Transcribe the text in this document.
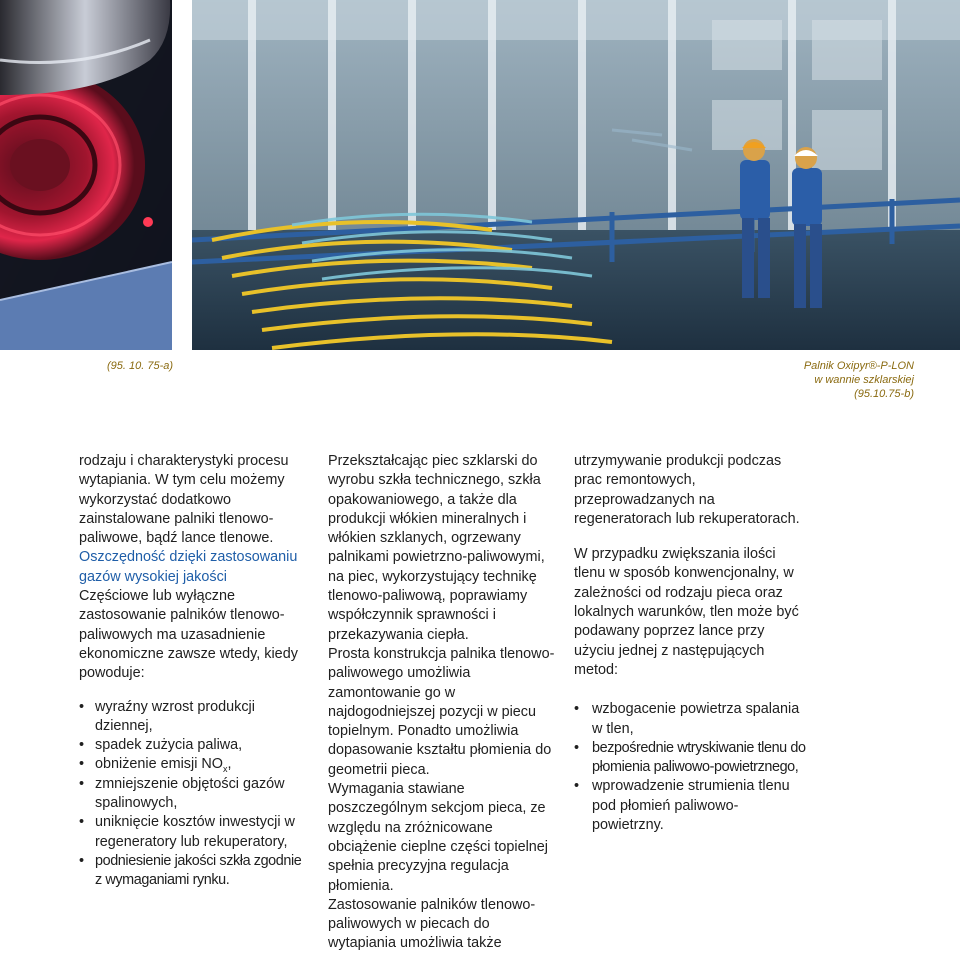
(95. 10. 75-a)	Palnik Oxipyr®-P-LON
w wannie szklarskiej
(95.10.75-b)

rodzaju i charakterystyki procesu wytapiania. W tym celu możemy wykorzystać dodatkowo zainstalowane palniki tlenowo-paliwowe, bądź lance tlenowe.

Oszczędność dzięki zastosowaniu gazów wysokiej jakości

Częściowe lub wyłączne zastosowanie palników tlenowo-paliwowych ma uzasadnienie ekonomiczne zawsze wtedy, kiedy powoduje:

• wyraźny wzrost produkcji dziennej,
• spadek zużycia paliwa,
• obniżenie emisji $NO_x$,
• zmniejszenie objętości gazów spalinowych,
• uniknięcie kosztów inwestycji w regeneratory lub rekuperatory,
• podniesienie jakości szkła zgodnie z wymaganiami rynku.

Przekształcając piec szklarski do wyrobu szkła technicznego, szkła opakowaniowego, a także dla produkcji włókien mineralnych i włókien szklanych, ogrzewany palnikami powietrzno-paliwowymi, na piec, wykorzystujący technikę tlenowo-paliwową, poprawiamy współczynnik sprawności i przekazywania ciepła.

Prosta konstrukcja palnika tlenowo-paliwowego umożliwia zamontowanie go w najdogodniejszej pozycji w piecu topielnym. Ponadto umożliwia dopasowanie kształtu płomienia do geometrii pieca.

Wymagania stawiane poszczególnym sekcjom pieca, ze względu na zróżnicowane obciążenie cieplne części topielnej spełnia precyzyjna regulacja płomienia.

Zastosowanie palników tlenowo-paliwowych w piecach do wytapiania umożliwia także

utrzymywanie produkcji podczas prac remontowych, przeprowadzanych na regeneratorach lub rekuperatorach.

W przypadku zwiększania ilości tlenu w sposób konwencjonalny, w zależności od rodzaju pieca oraz lokalnych warunków, tlen może być podawany poprzez lance przy użyciu jednej z następujących metod:

• wzbogacenie powietrza spalania w tlen,
• bezpośrednie wtryskiwanie tlenu do płomienia paliwowo-powietrznego,
• wprowadzenie strumienia tlenu pod płomień paliwowo-powietrzny.
